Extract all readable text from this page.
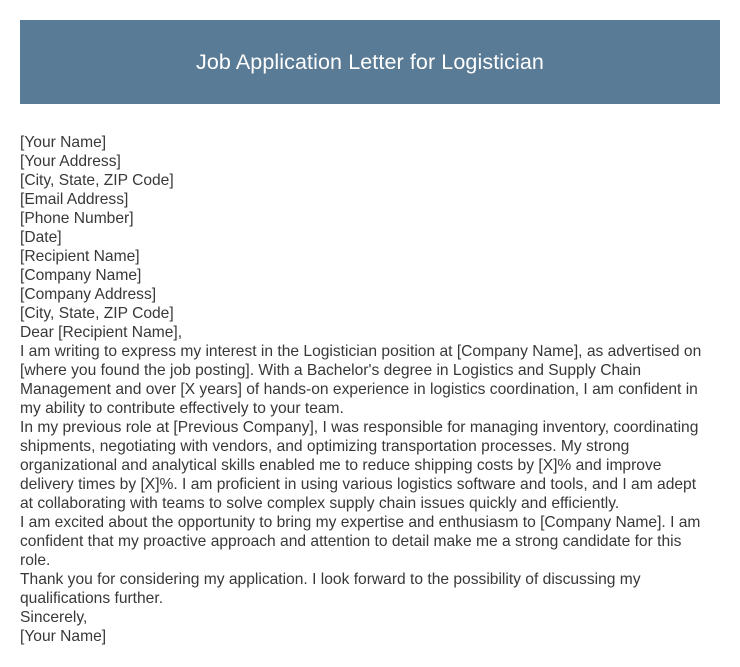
Job Application Letter for Logistician
[Your Name]
[Your Address]
[City, State, ZIP Code]
[Email Address]
[Phone Number]
[Date]
[Recipient Name]
[Company Name]
[Company Address]
[City, State, ZIP Code]
Dear [Recipient Name],
I am writing to express my interest in the Logistician position at [Company Name], as advertised on
[where you found the job posting]. With a Bachelor's degree in Logistics and Supply Chain
Management and over [X years] of hands-on experience in logistics coordination, I am confident in
my ability to contribute effectively to your team.
In my previous role at [Previous Company], I was responsible for managing inventory, coordinating
shipments, negotiating with vendors, and optimizing transportation processes. My strong
organizational and analytical skills enabled me to reduce shipping costs by [X]% and improve
delivery times by [X]%. I am proficient in using various logistics software and tools, and I am adept
at collaborating with teams to solve complex supply chain issues quickly and efficiently.
I am excited about the opportunity to bring my expertise and enthusiasm to [Company Name]. I am
confident that my proactive approach and attention to detail make me a strong candidate for this
role.
Thank you for considering my application. I look forward to the possibility of discussing my
qualifications further.
Sincerely,
[Your Name]
